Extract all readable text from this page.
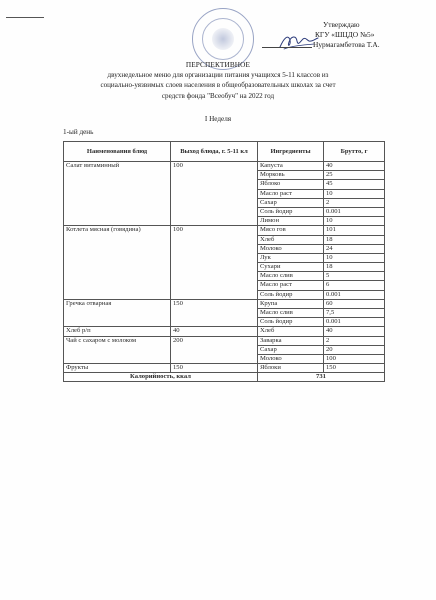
Утверждаю
КГУ «ШЦДО №5»
Нурмагамбетова Т.А.
ПЕРСПЕКТИВНОЕ
двухнедельное меню для организации питания учащихся 5-11 классов из
социально-уязвимых слоев населения в общеобразовательных школах за счет
средств фонда "Всеобуч" на 2022 год
I Неделя
1-ый день
Наименования блюд	Выход блюда, г. 5-11 кл	Ингредиенты	Брутто, г
Салат витаминный	100	Капуста	40
		Морковь	25
		Яблоко	45
		Масло раст	10
		Сахар	2
		Соль йодир	0.001
		Лимон	10
Котлета мясная (говядина)	100	Мясо гов	101
		Хлеб	18
		Молоко	24
		Лук	10
		Сухари	18
		Масло слив	5
		Масло раст	6
		Соль йодир	0.001
Гречка отварная	150	Крупа	60
		Масло слив	7,5
		Соль йодир	0.001
Хлеб р/п	40	Хлеб	40
Чай с сахаром с молоком	200	Заварка	2
		Сахар	20
		Молоко	100
Фрукты	150	Яблоки	150
Калорийность, ккал		731	
